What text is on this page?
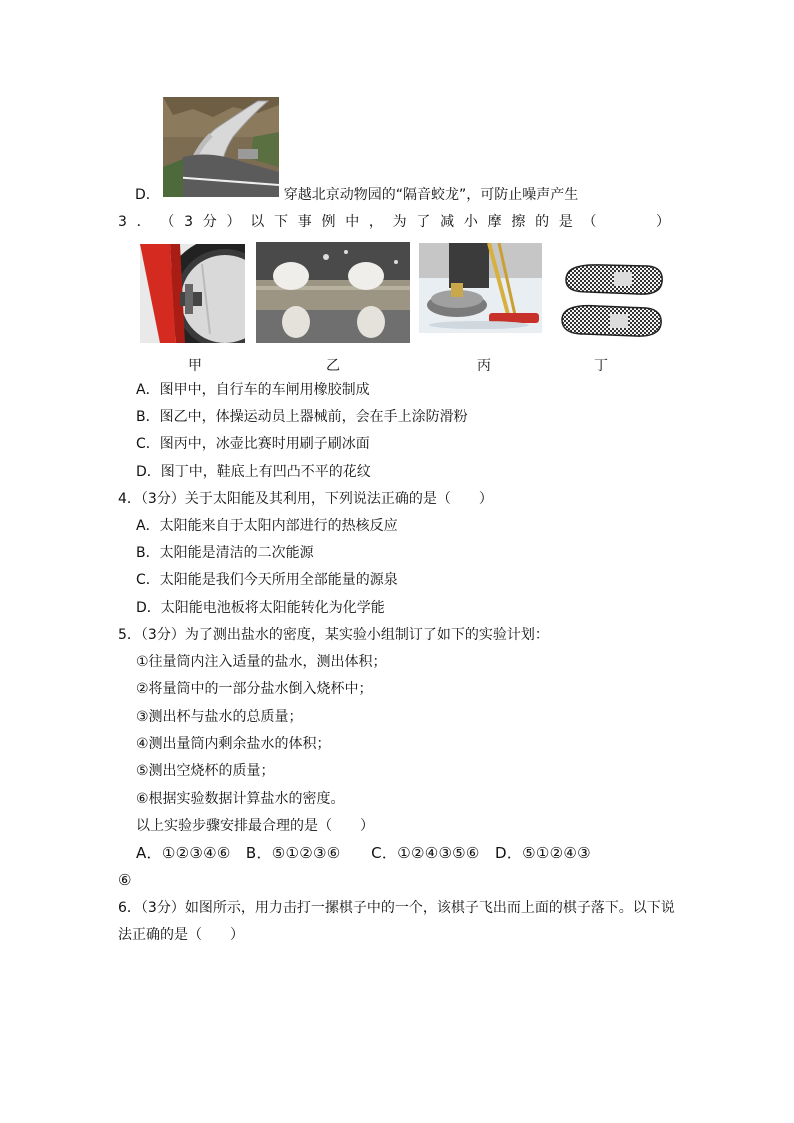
D．	穿越北京动物园的“隔音蛟龙”，可防止噪声产生
3 ． （ 3 分 ） 以 下 事 例 中 ， 为 了 减 小 摩 擦 的 是 （	）
甲	乙	丙	丁
A．图甲中，自行车的车闸用橡胶制成
B．图乙中，体操运动员上器械前，会在手上涂防滑粉
C．图丙中，冰壶比赛时用刷子刷冰面
D．图丁中，鞋底上有凹凸不平的花纹
4．（3分）关于太阳能及其利用，下列说法正确的是（　　）
A．太阳能来自于太阳内部进行的热核反应
B．太阳能是清洁的二次能源
C．太阳能是我们今天所用全部能量的源泉
D．太阳能电池板将太阳能转化为化学能
5．（3分）为了测出盐水的密度，某实验小组制订了如下的实验计划：
①往量筒内注入适量的盐水，测出体积；
②将量筒中的一部分盐水倒入烧杯中；
③测出杯与盐水的总质量；
④测出量筒内剩余盐水的体积；
⑤测出空烧杯的质量；
⑥根据实验数据计算盐水的密度。
以上实验步骤安排最合理的是（　　）
A．①②③④⑥　B．⑤①②③⑥　　C．①②④③⑤⑥　D．⑤①②④③
⑥
6．（3分）如图所示，用力击打一摞棋子中的一个，该棋子飞出而上面的棋子落下。以下说
法正确的是（　　）
